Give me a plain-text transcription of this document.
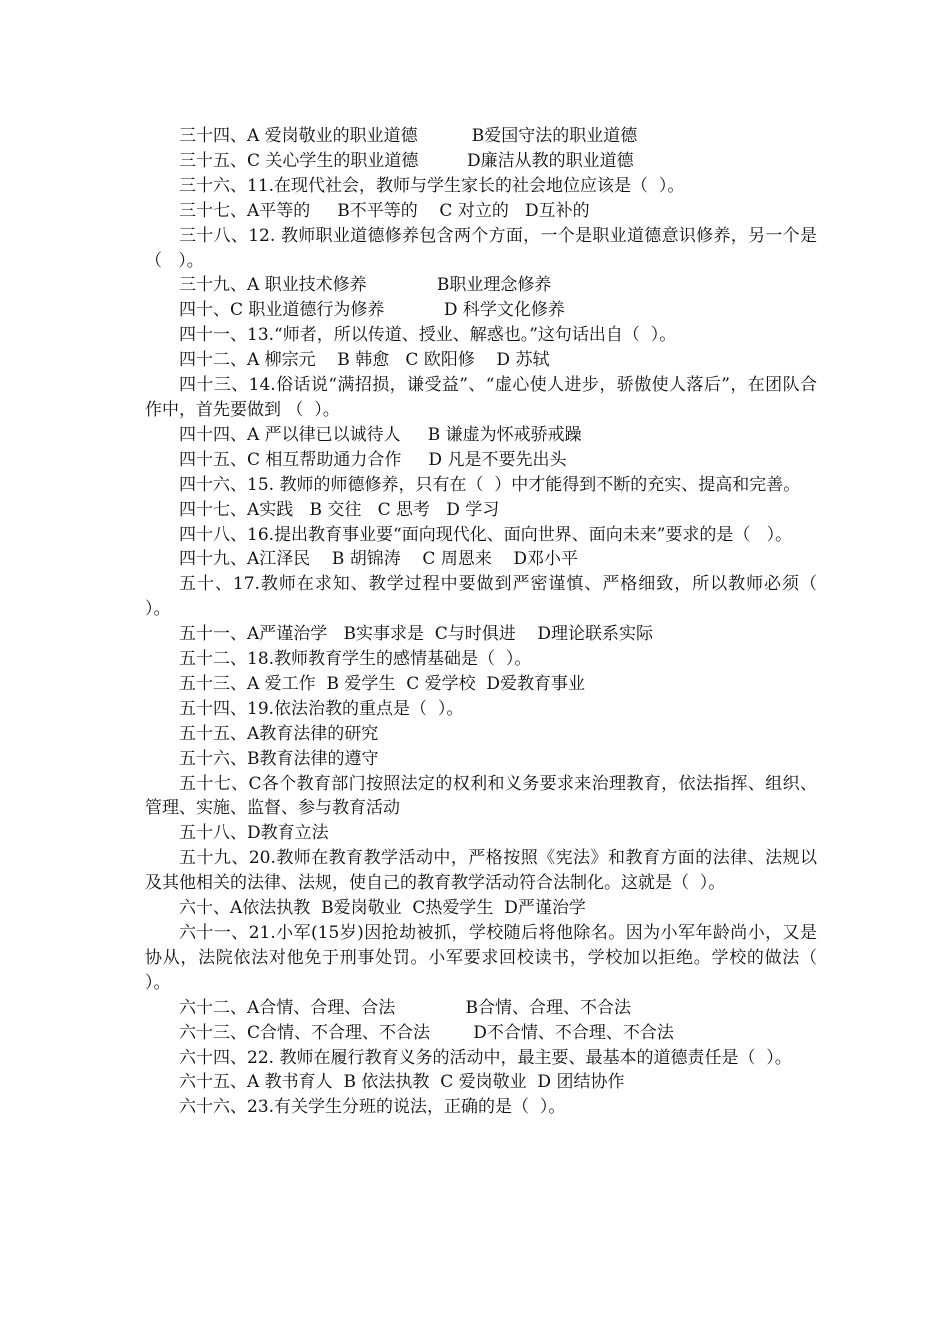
三十四、A 爱岗敬业的职业道德          B爱国守法的职业道德

三十五、C 关心学生的职业道德         D廉洁从教的职业道德

三十六、11.在现代社会，教师与学生家长的社会地位应该是（  ）。

三十七、A平等的     B不平等的    C 对立的   D互补的

三十八、12. 教师职业道德修养包含两个方面，一个是职业道德意识修养，另一个是（   ）。

三十九、A 职业技术修养             B职业理念修养

四十、C 职业道德行为修养           D 科学文化修养

四十一、13.“师者，所以传道、授业、解惑也。”这句话出自（  ）。

四十二、A 柳宗元    B 韩愈   C 欧阳修    D 苏轼

四十三、14.俗话说“满招损，谦受益”、“虚心使人进步，骄傲使人落后”，在团队合作中，首先要做到 （  ）。

四十四、A 严以律已以诚待人     B 谦虚为怀戒骄戒躁

四十五、C 相互帮助通力合作     D 凡是不要先出头

四十六、15. 教师的师德修养，只有在（  ）中才能得到不断的充实、提高和完善。

四十七、A实践   B 交往   C 思考   D 学习

四十八、16.提出教育事业要“面向现代化、面向世界、面向未来”要求的是（   ）。

四十九、A江泽民    B 胡锦涛    C 周恩来    D邓小平

五十、17.教师在求知、教学过程中要做到严密谨慎、严格细致，所以教师必须（  ）。

五十一、A严谨治学   B实事求是  C与时俱进    D理论联系实际

五十二、18.教师教育学生的感情基础是（  ）。

五十三、A 爱工作  B 爱学生  C 爱学校  D爱教育事业

五十四、19.依法治教的重点是（  ）。

五十五、A教育法律的研究

五十六、B教育法律的遵守

五十七、C各个教育部门按照法定的权利和义务要求来治理教育，依法指挥、组织、管理、实施、监督、参与教育活动

五十八、D教育立法

五十九、20.教师在教育教学活动中，严格按照《宪法》和教育方面的法律、法规以及其他相关的法律、法规，使自己的教育教学活动符合法制化。这就是（  ）。

六十、A依法执教  B爱岗敬业  C热爱学生  D严谨治学

六十一、21.小军(15岁)因抢劫被抓，学校随后将他除名。因为小军年龄尚小，又是协从，法院依法对他免于刑事处罚。小军要求回校读书，学校加以拒绝。学校的做法（  ）。

六十二、A合情、合理、合法             B合情、合理、不合法

六十三、C合情、不合理、不合法        D不合情、不合理、不合法

六十四、22. 教师在履行教育义务的活动中，最主要、最基本的道德责任是（  ）。

六十五、A 教书育人  B 依法执教  C 爱岗敬业  D 团结协作

六十六、23.有关学生分班的说法，正确的是（  ）。
